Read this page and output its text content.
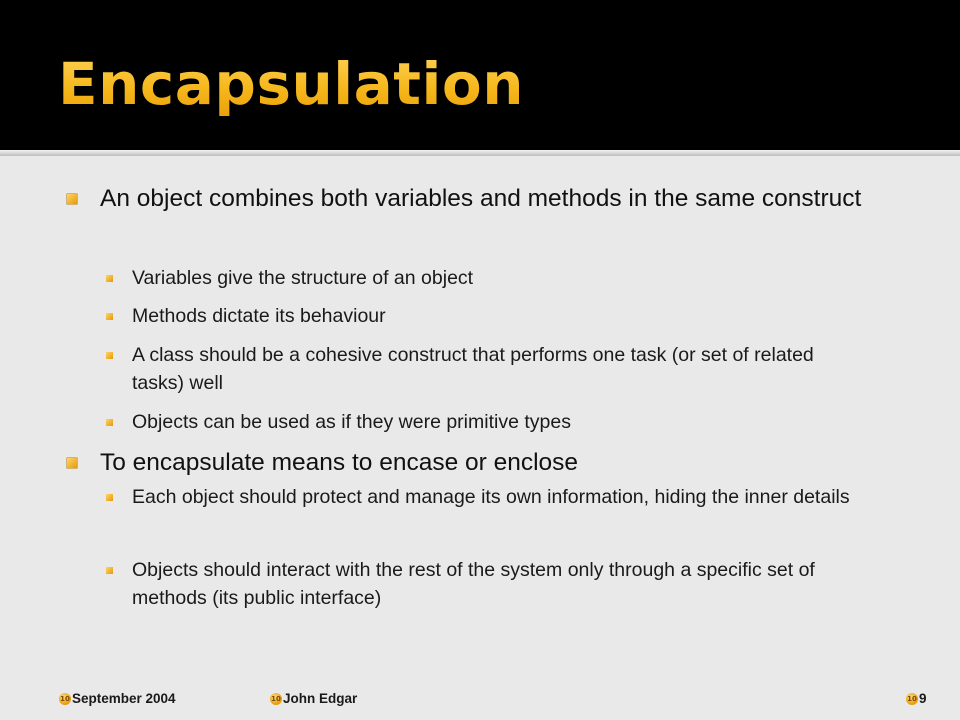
Encapsulation

An object combines both variables and methods in the same construct

Variables give the structure of an object

Methods dictate its behaviour

A class should be a cohesive construct that performs one task (or set of related tasks) well

Objects can be used as if they were primitive types

To encapsulate means to encase or enclose

Each object should protect and manage its own information, hiding the inner details

Objects should interact with the rest of the system only through a specific set of methods (its public interface)

10 September 2004	10 John Edgar	10 9
